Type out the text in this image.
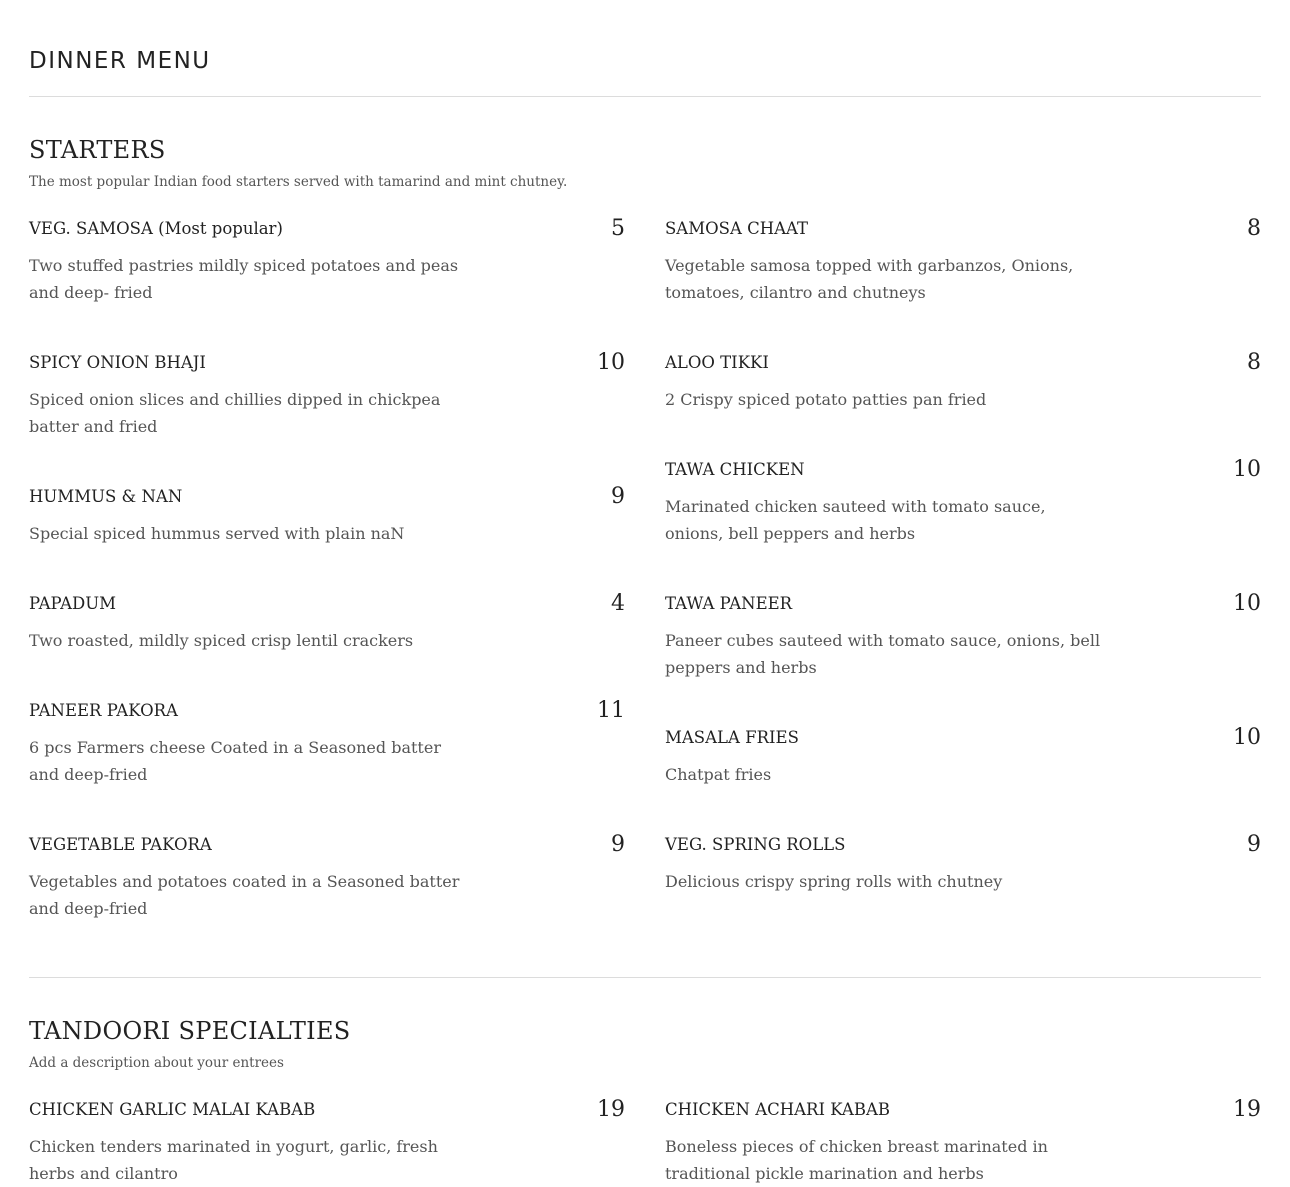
DINNER MENU
STARTERS

The most popular Indian food starters served with tamarind and mint chutney.

VEG. SAMOSA (Most popular)	5
Two stuffed pastries mildly spiced potatoes and peas and deep- fried
SPICY ONION BHAJI	10
Spiced onion slices and chillies dipped in chickpea batter and fried
HUMMUS & NAN	9
Special spiced hummus served with plain naN
PAPADUM	4
Two roasted, mildly spiced crisp lentil crackers
PANEER PAKORA	11
6 pcs Farmers cheese Coated in a Seasoned batter and deep-fried
VEGETABLE PAKORA	9
Vegetables and potatoes coated in a Seasoned batter and deep-fried
SAMOSA CHAAT	8
Vegetable samosa topped with garbanzos, Onions, tomatoes, cilantro and chutneys
ALOO TIKKI	8
2 Crispy spiced potato patties pan fried
TAWA CHICKEN	10
Marinated chicken sauteed with tomato sauce, onions, bell peppers and herbs
TAWA PANEER	10
Paneer cubes sauteed with tomato sauce, onions, bell peppers and herbs
MASALA FRIES	10
Chatpat fries
VEG. SPRING ROLLS	9
Delicious crispy spring rolls with chutney
TANDOORI SPECIALTIES

Add a description about your entrees

CHICKEN GARLIC MALAI KABAB	19
Chicken tenders marinated in yogurt, garlic, fresh herbs and cilantro
CHICKEN ACHARI KABAB	19
Boneless pieces of chicken breast marinated in traditional pickle marination and herbs
